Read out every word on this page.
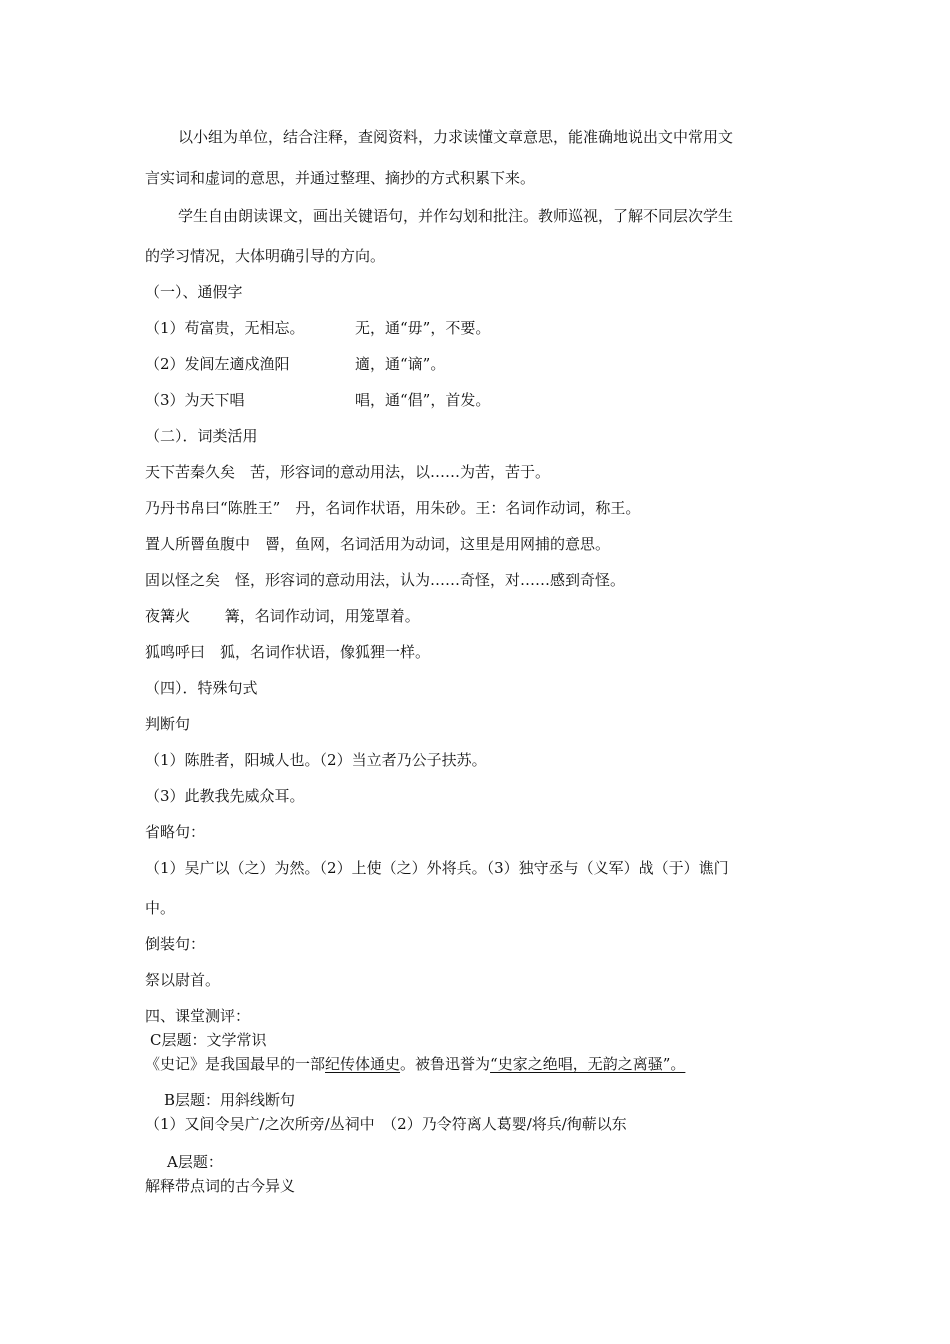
以小组为单位，结合注释，查阅资料，力求读懂文章意思，能准确地说出文中常用文
言实词和虚词的意思，并通过整理、摘抄的方式积累下来。
学生自由朗读课文，画出关键语句，并作勾划和批注。教师巡视，了解不同层次学生
的学习情况，大体明确引导的方向。
（一）、通假字
（1）苟富贵，无相忘。	无，通“毋”，不要。
（2）发闾左適戍渔阳	適，通“谪”。
（3）为天下唱	唱，通“倡”，首发。
（二）．词类活用
天下苦秦久矣　苦，形容词的意动用法，以……为苦，苦于。
乃丹书帛曰“陈胜王”　丹，名词作状语，用朱砂。王：名词作动词，称王。
置人所罾鱼腹中　罾，鱼网，名词活用为动词，这里是用网捕的意思。
固以怪之矣　怪，形容词的意动用法，认为……奇怪，对……感到奇怪。
夜篝火　　 篝，名词作动词，用笼罩着。
狐鸣呼曰　狐，名词作状语，像狐狸一样。
（四）．特殊句式
判断句
（1）陈胜者，阳城人也。（2）当立者乃公子扶苏。
（3）此教我先威众耳。
省略句：
（1）吴广以（之）为然。（2）上使（之）外将兵。（3）独守丞与（义军）战（于）谯门
中。
倒装句：
祭以尉首。
四、课堂测评：
C层题：文学常识
《史记》是我国最早的一部纪传体通史。被鲁迅誉为“史家之绝唱，无韵之离骚”。
B层题：用斜线断句
（1）又间令吴广/之次所旁/丛祠中　（2）乃令符离人葛婴/将兵/徇蕲以东
A层题：
解释带点词的古今异义
